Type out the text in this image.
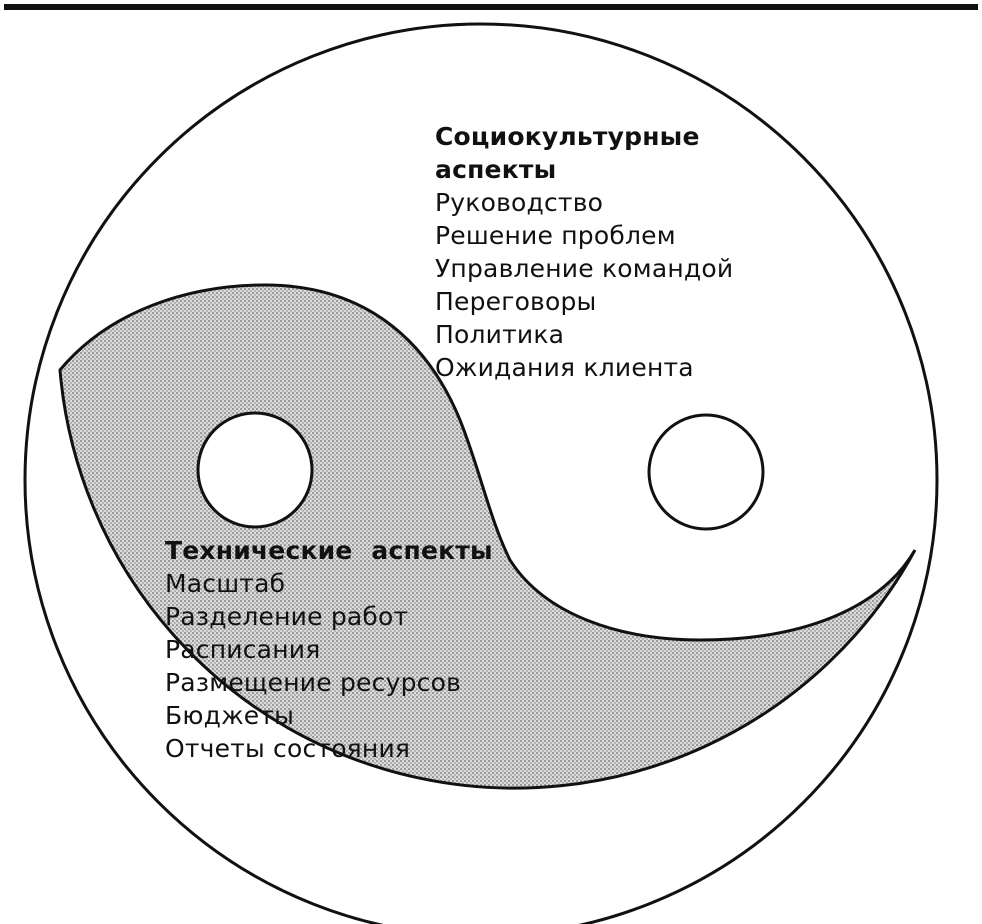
Социокультурные
аспекты
Руководство
Решение проблем
Управление командой
Переговоры
Политика
Ожидания клиента
Технические аспекты
Масштаб
Разделение работ
Расписания
Размещение ресурсов
Бюджеты
Отчеты состояния
